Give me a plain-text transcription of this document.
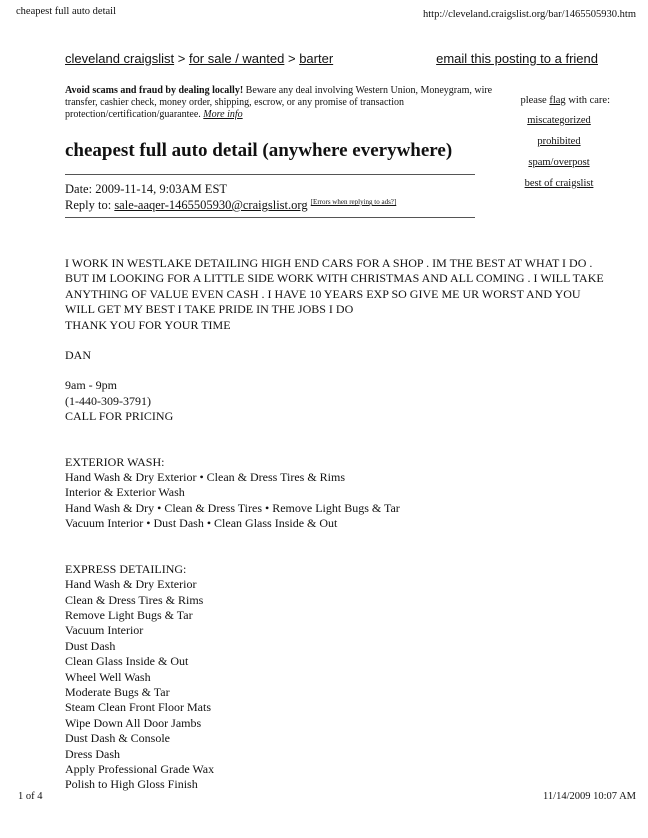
cheapest full auto detail	http://cleveland.craigslist.org/bar/1465505930.htm
cleveland craigslist > for sale / wanted > barter	email this posting to a friend
Avoid scams and fraud by dealing locally! Beware any deal involving Western Union, Moneygram, wire transfer, cashier check, money order, shipping, escrow, or any promise of transaction protection/certification/guarantee. More info
please flag with care:
miscategorized
prohibited
spam/overpost
best of craigslist
cheapest full auto detail (anywhere everywhere)
Date: 2009-11-14, 9:03AM EST
Reply to: sale-aaqer-1465505930@craigslist.org [Errors when replying to ads?]

I WORK IN WESTLAKE DETAILING HIGH END CARS FOR A SHOP . IM THE BEST AT WHAT I DO . BUT IM LOOKING FOR A LITTLE SIDE WORK WITH CHRISTMAS AND ALL COMING . I WILL TAKE ANYTHING OF VALUE EVEN CASH . I HAVE 10 YEARS EXP SO GIVE ME UR WORST AND YOU WILL GET MY BEST I TAKE PRIDE IN THE JOBS I DO

THANK YOU FOR YOUR TIME

DAN

9am - 9pm

(1-440-309-3791)

CALL FOR PRICING

EXTERIOR WASH:

Hand Wash & Dry Exterior • Clean & Dress Tires & Rims

Interior & Exterior Wash

Hand Wash & Dry • Clean & Dress Tires • Remove Light Bugs & Tar

Vacuum Interior • Dust Dash • Clean Glass Inside & Out

EXPRESS DETAILING:

Hand Wash & Dry Exterior

Clean & Dress Tires & Rims

Remove Light Bugs & Tar

Vacuum Interior

Dust Dash

Clean Glass Inside & Out

Wheel Well Wash

Moderate Bugs & Tar

Steam Clean Front Floor Mats

Wipe Down All Door Jambs

Dust Dash & Console

Dress Dash

Apply Professional Grade Wax

Polish to High Gloss Finish

1 of 4	11/14/2009 10:07 AM
